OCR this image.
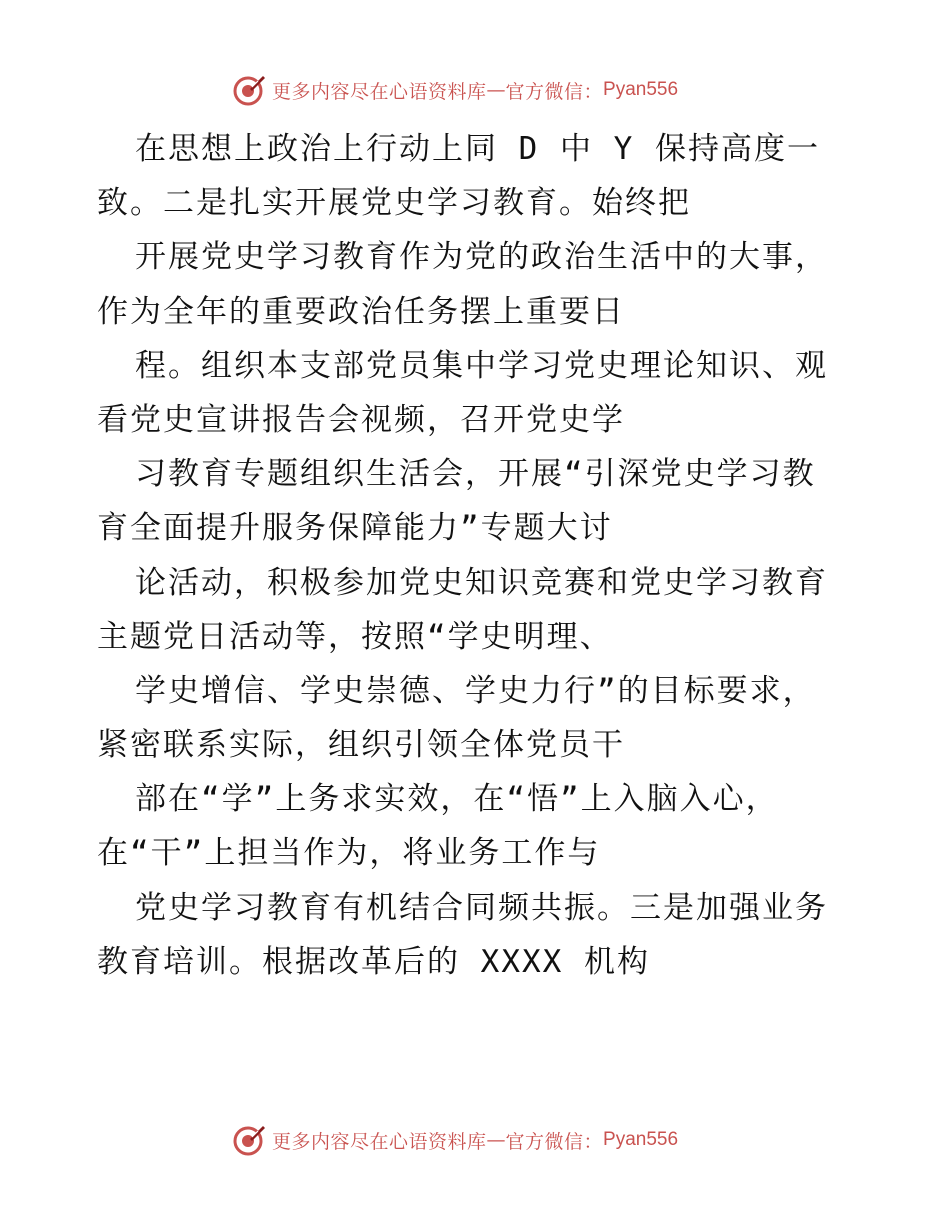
更多内容尽在心语资料库 — 官方微信： Pyan556
在思想上政治上行动上同 D 中 Y 保持高度一
致。二是扎实开展党史学习教育。始终把
开展党史学习教育作为党的政治生活中的大事，
作为全年的重要政治任务摆上重要日
程。组织本支部党员集中学习党史理论知识、观
看党史宣讲报告会视频，召开党史学
习教育专题组织生活会，开展“引深党史学习教
育全面提升服务保障能力”专题大讨
论活动，积极参加党史知识竞赛和党史学习教育
主题党日活动等，按照“学史明理、
学史增信、学史崇德、学史力行”的目标要求，
紧密联系实际，组织引领全体党员干
部在“学”上务求实效，在“悟”上入脑入心，
在“干”上担当作为，将业务工作与
党史学习教育有机结合同频共振。三是加强业务
教育培训。根据改革后的 XXXX 机构
更多内容尽在心语资料库 — 官方微信： Pyan556
